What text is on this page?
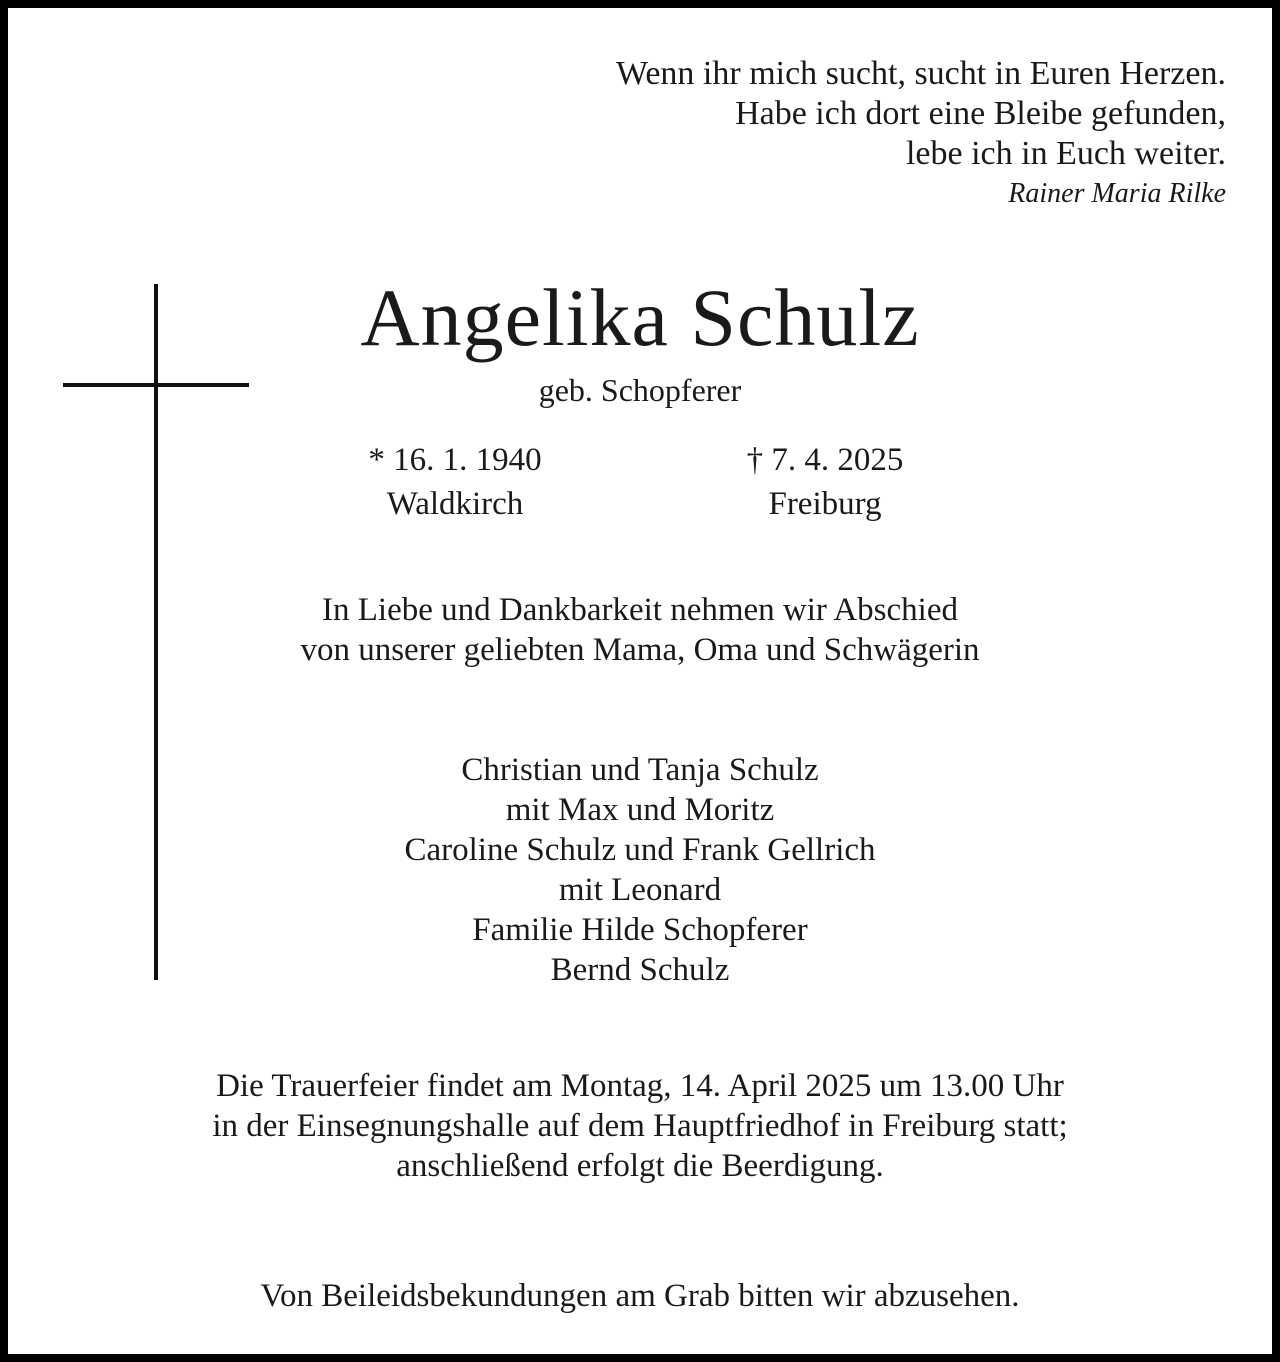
Wenn ihr mich sucht, sucht in Euren Herzen.
Habe ich dort eine Bleibe gefunden,
lebe ich in Euch weiter.
Rainer Maria Rilke
Angelika Schulz
geb. Schopferer
* 16. 1. 1940
Waldkirch
† 7. 4. 2025
Freiburg
In Liebe und Dankbarkeit nehmen wir Abschied
von unserer geliebten Mama, Oma und Schwägerin
Christian und Tanja Schulz
mit Max und Moritz
Caroline Schulz und Frank Gellrich
mit Leonard
Familie Hilde Schopferer
Bernd Schulz
Die Trauerfeier findet am Montag, 14. April 2025 um 13.00 Uhr
in der Einsegnungshalle auf dem Hauptfriedhof in Freiburg statt;
anschließend erfolgt die Beerdigung.
Von Beileidsbekundungen am Grab bitten wir abzusehen.
